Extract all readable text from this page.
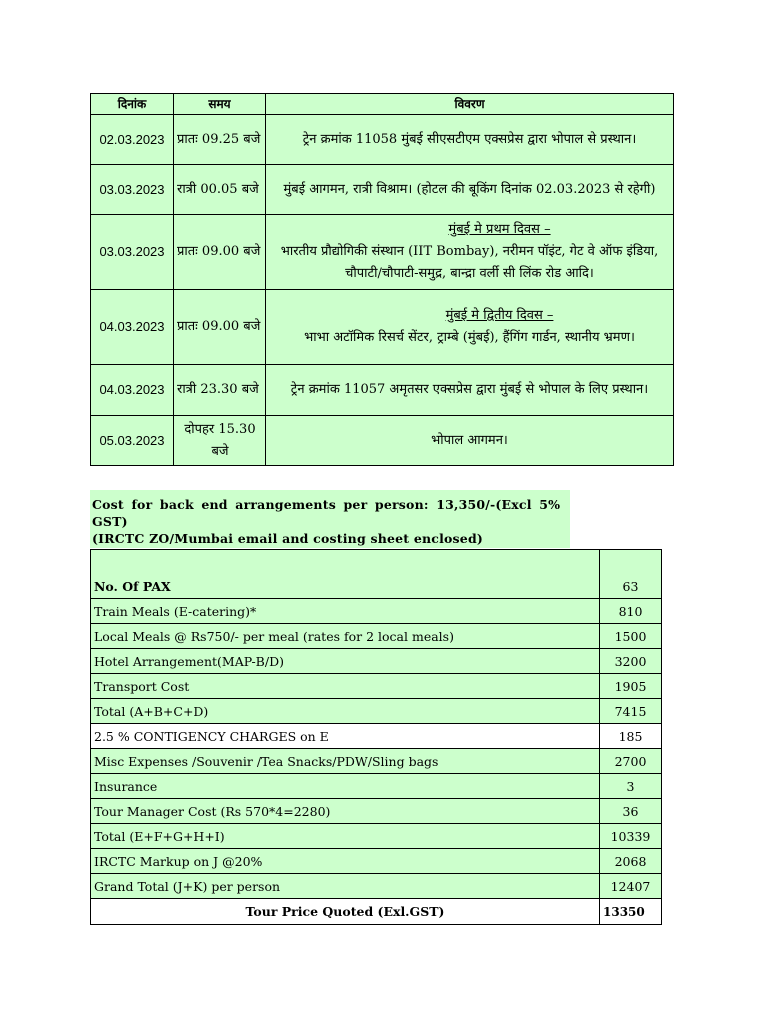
दिनांक	समय	विवरण
02.03.2023	प्रातः 09.25 बजे	ट्रेन क्रमांक 11058 मुंबई सीएसटीएम एक्सप्रेस द्वारा भोपाल से प्रस्थान।
03.03.2023	रात्री 00.05 बजे	मुंबई आगमन, रात्री विश्राम। (होटल की बूकिंग दिनांक 02.03.2023 से रहेगी)
03.03.2023	प्रातः 09.00 बजे	मुंबई मे प्रथम दिवस –
भारतीय प्रौद्योगिकी संस्थान (IIT Bombay), नरीमन पॉइंट, गेट वे ऑफ इंडिया, चौपाटी/चौपाटी-समुद्र, बान्द्रा वर्ली सी लिंक रोड आदि।
04.03.2023	प्रातः 09.00 बजे	मुंबई मे द्वितीय दिवस –
भाभा अटॉमिक रिसर्च सेंटर, ट्राम्बे (मुंबई), हैंगिंग गार्डन, स्थानीय भ्रमण।
04.03.2023	रात्री 23.30 बजे	ट्रेन क्रमांक 11057 अमृतसर एक्सप्रेस द्वारा मुंबई से भोपाल के लिए प्रस्थान।
05.03.2023	दोपहर 15.30 बजे	भोपाल आगमन।
Cost for back end arrangements per person: 13,350/-(Excl 5% GST)
(IRCTC ZO/Mumbai email and costing sheet enclosed)
No. Of PAX	63
Train Meals (E-catering)*	810
Local Meals @ Rs750/- per meal (rates for 2 local meals)	1500
Hotel Arrangement(MAP-B/D)	3200
Transport Cost	1905
Total (A+B+C+D)	7415
2.5 % CONTIGENCY CHARGES on E	185
Misc Expenses /Souvenir /Tea Snacks/PDW/Sling bags	2700
Insurance	3
Tour Manager Cost (Rs 570*4=2280)	36
Total (E+F+G+H+I)	10339
IRCTC Markup on J @20%	2068
Grand Total (J+K) per person	12407
Tour Price Quoted (Exl.GST)	13350
